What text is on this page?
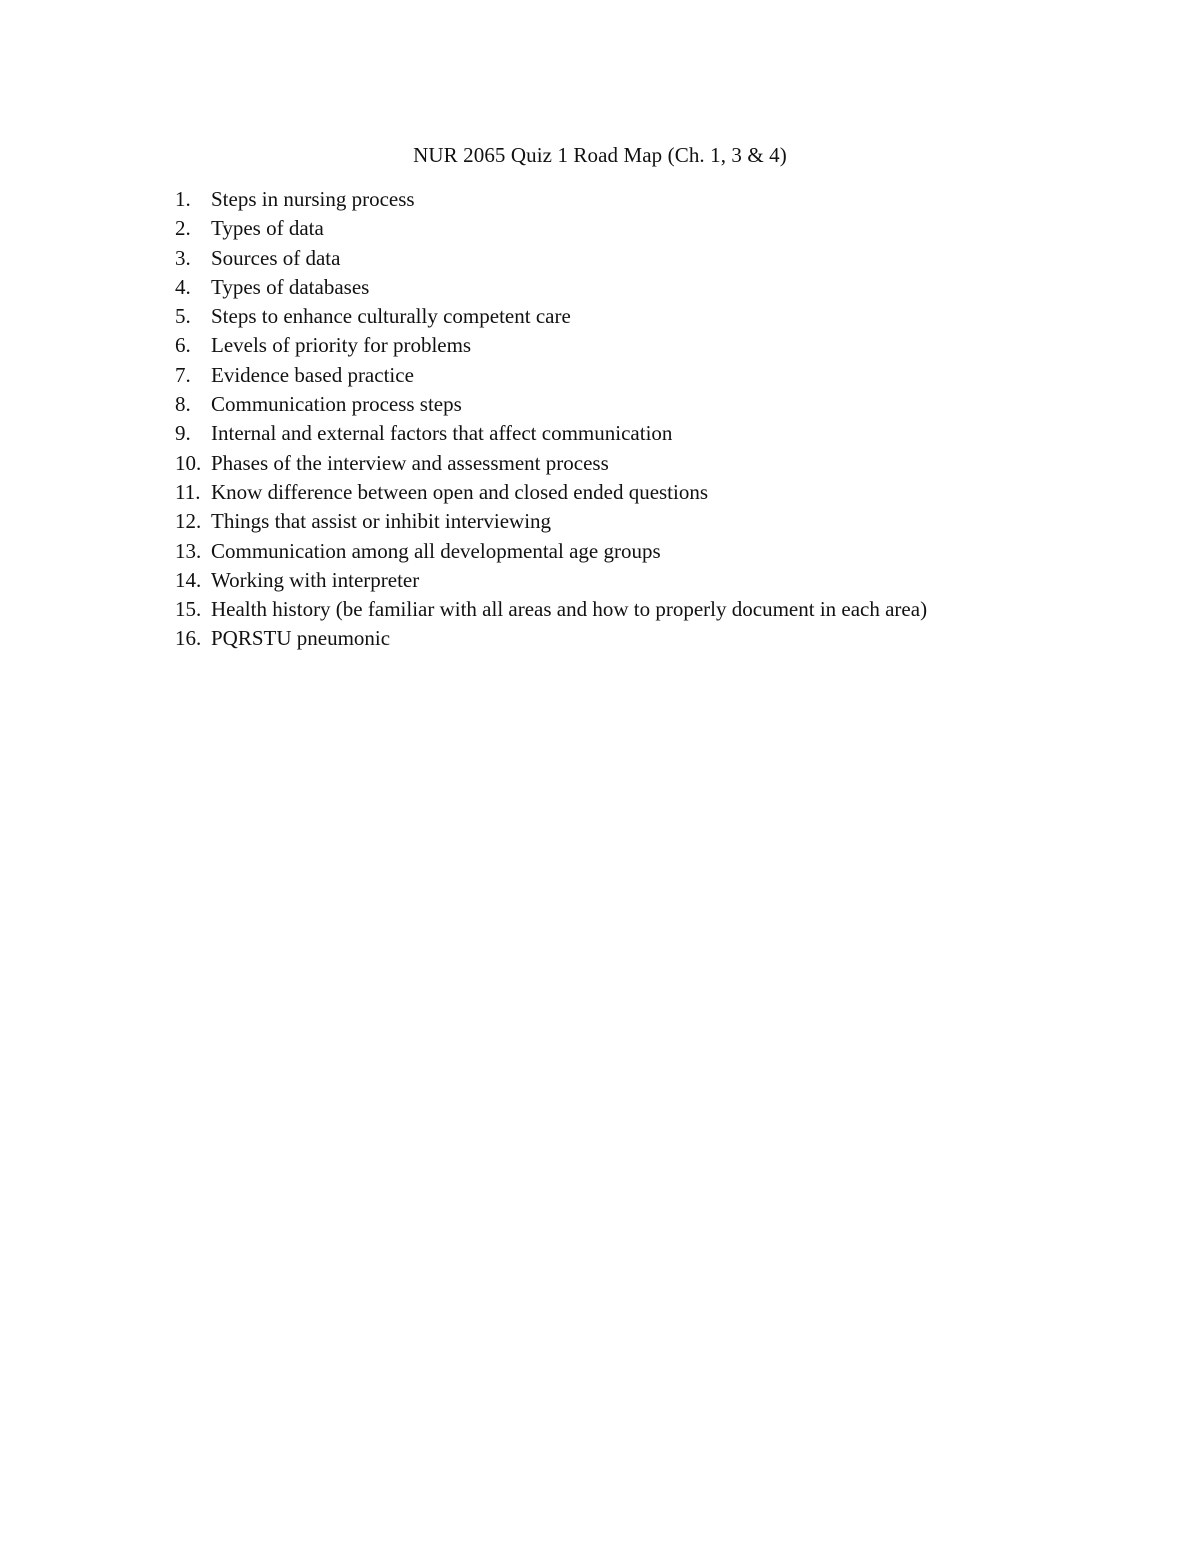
NUR 2065 Quiz 1 Road Map (Ch. 1, 3 & 4)
1. Steps in nursing process
2. Types of data
3. Sources of data
4. Types of databases
5. Steps to enhance culturally competent care
6. Levels of priority for problems
7. Evidence based practice
8. Communication process steps
9. Internal and external factors that affect communication
10. Phases of the interview and assessment process
11. Know difference between open and closed ended questions
12. Things that assist or inhibit interviewing
13. Communication among all developmental age groups
14. Working with interpreter
15. Health history (be familiar with all areas and how to properly document in each area)
16. PQRSTU pneumonic
